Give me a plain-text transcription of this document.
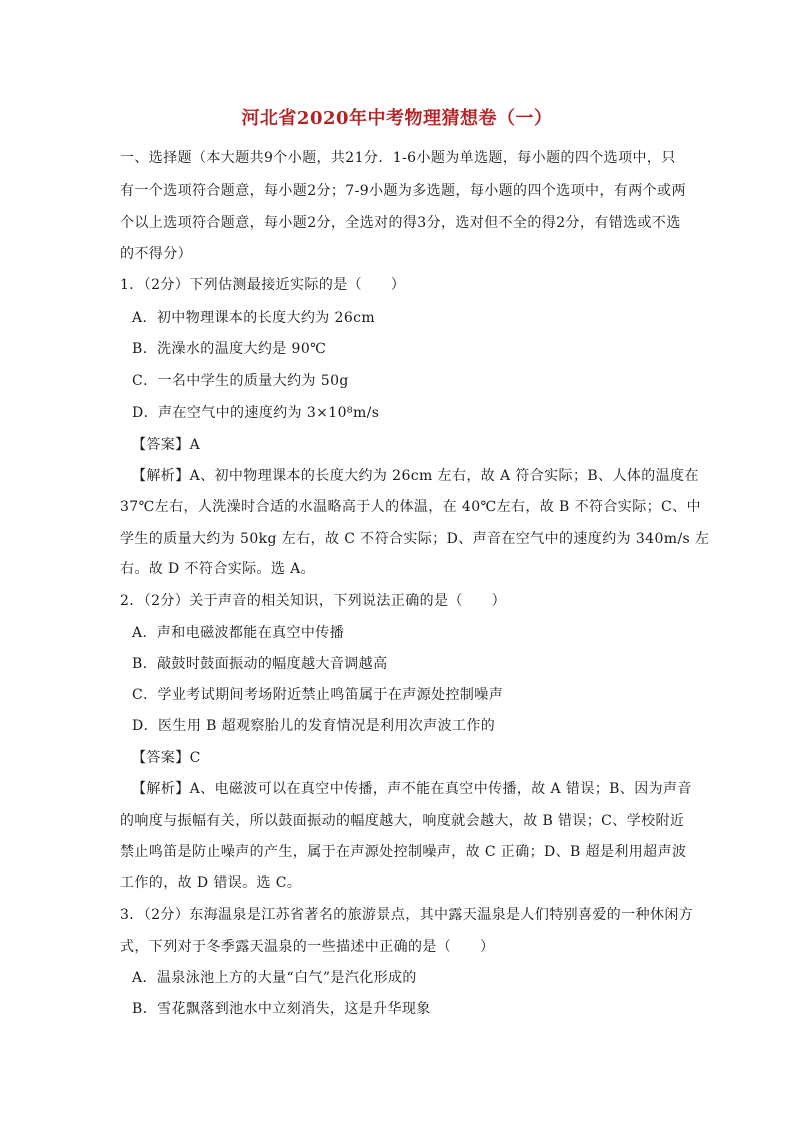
河北省2020年中考物理猜想卷（一）
一、选择题（本大题共9个小题，共21分．1-6小题为单选题，每小题的四个选项中，只
有一个选项符合题意，每小题2分；7-9小题为多选题，每小题的四个选项中，有两个或两
个以上选项符合题意，每小题2分，全选对的得3分，选对但不全的得2分，有错选或不选
的不得分）
1．（2分）下列估测最接近实际的是（　　）
A．初中物理课本的长度大约为 26cm
B．洗澡水的温度大约是 90℃
C．一名中学生的质量大约为 50g
D．声在空气中的速度约为 3×10⁸m/s
【答案】A
【解析】A、初中物理课本的长度大约为 26cm 左右，故 A 符合实际；B、人体的温度在
37℃左右，人洗澡时合适的水温略高于人的体温，在 40℃左右，故 B 不符合实际；C、中
学生的质量大约为 50kg 左右，故 C 不符合实际；D、声音在空气中的速度约为 340m/s 左
右。故 D 不符合实际。选 A。
2．（2分）关于声音的相关知识，下列说法正确的是（　　）
A．声和电磁波都能在真空中传播
B．敲鼓时鼓面振动的幅度越大音调越高
C．学业考试期间考场附近禁止鸣笛属于在声源处控制噪声
D．医生用 B 超观察胎儿的发育情况是利用次声波工作的
【答案】C
【解析】A、电磁波可以在真空中传播，声不能在真空中传播，故 A 错误；B、因为声音
的响度与振幅有关，所以鼓面振动的幅度越大，响度就会越大，故 B 错误；C、学校附近
禁止鸣笛是防止噪声的产生，属于在声源处控制噪声，故 C 正确；D、B 超是利用超声波
工作的，故 D 错误。选 C。
3．（2分）东海温泉是江苏省著名的旅游景点，其中露天温泉是人们特别喜爱的一种休闲方
式，下列对于冬季露天温泉的一些描述中正确的是（　　）
A．温泉泳池上方的大量“白气”是汽化形成的
B．雪花飘落到池水中立刻消失，这是升华现象
